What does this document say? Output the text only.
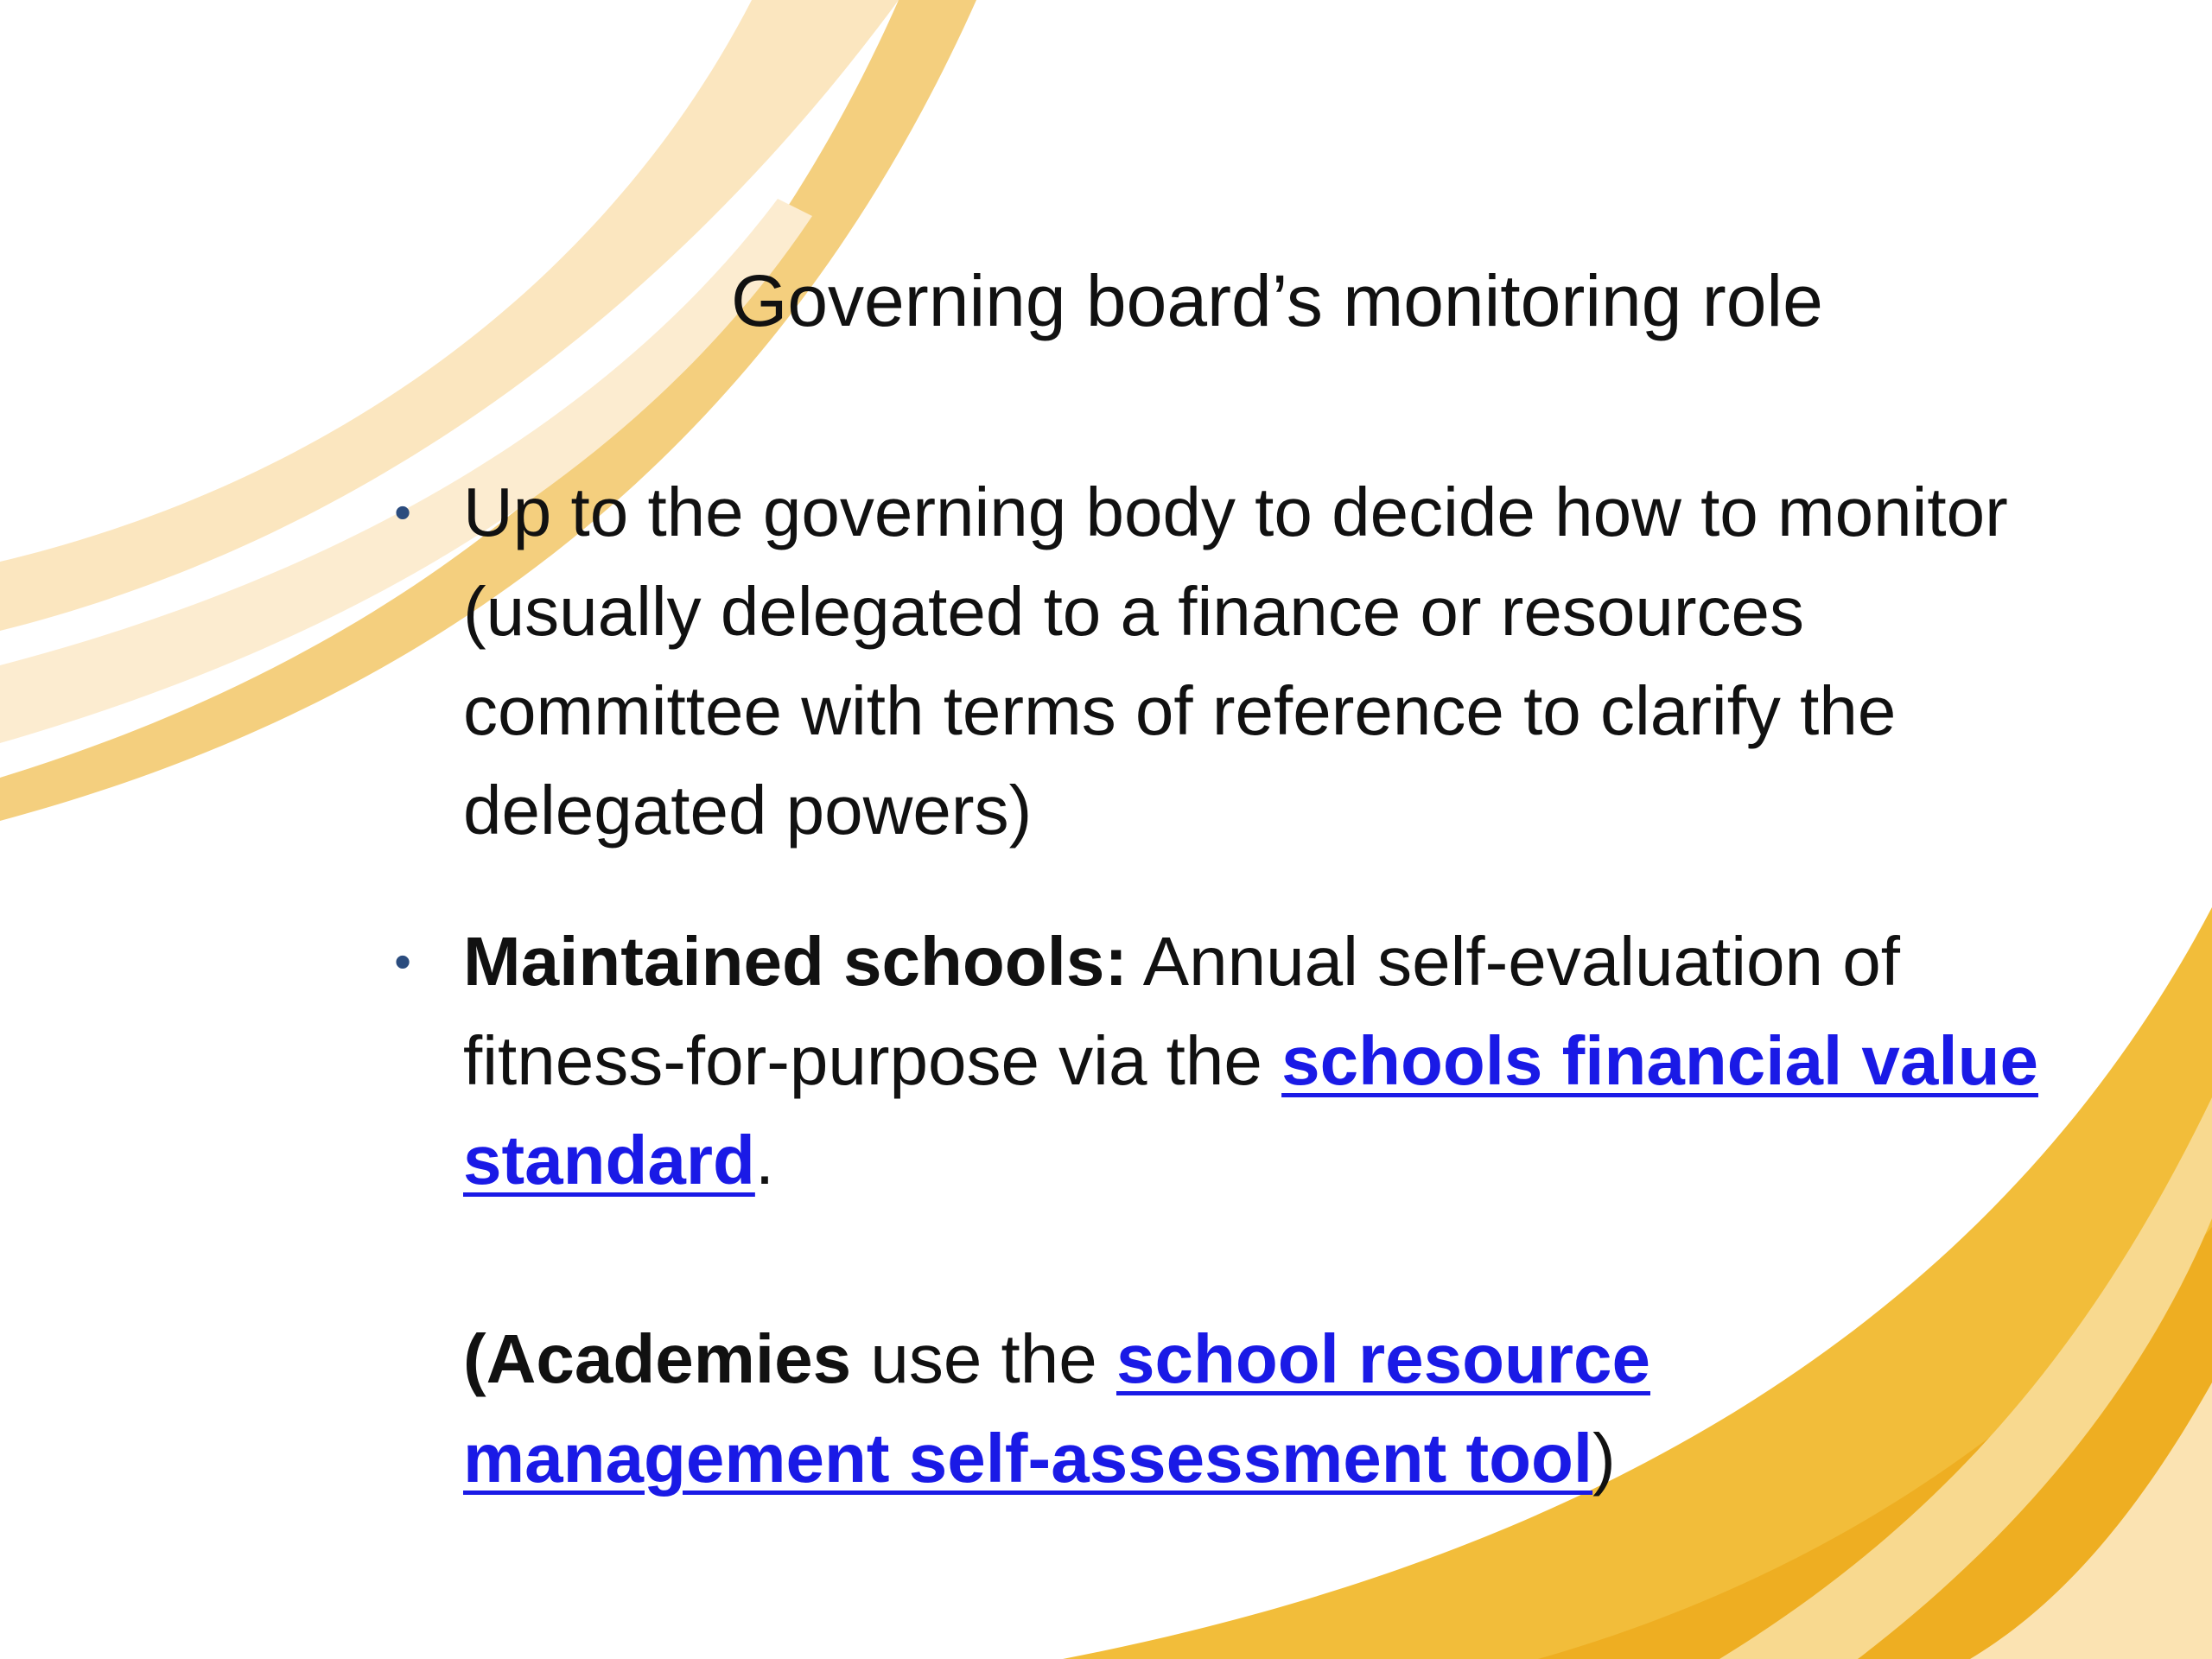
Governing board’s monitoring role
• Up to the governing body to decide how to monitor (usually delegated to a finance or resources committee with terms of reference to clarify the delegated powers)
• Maintained schools: Annual self-evaluation of fitness-for-purpose via the schools financial value standard.
(Academies use the school resource management self-assessment tool)
